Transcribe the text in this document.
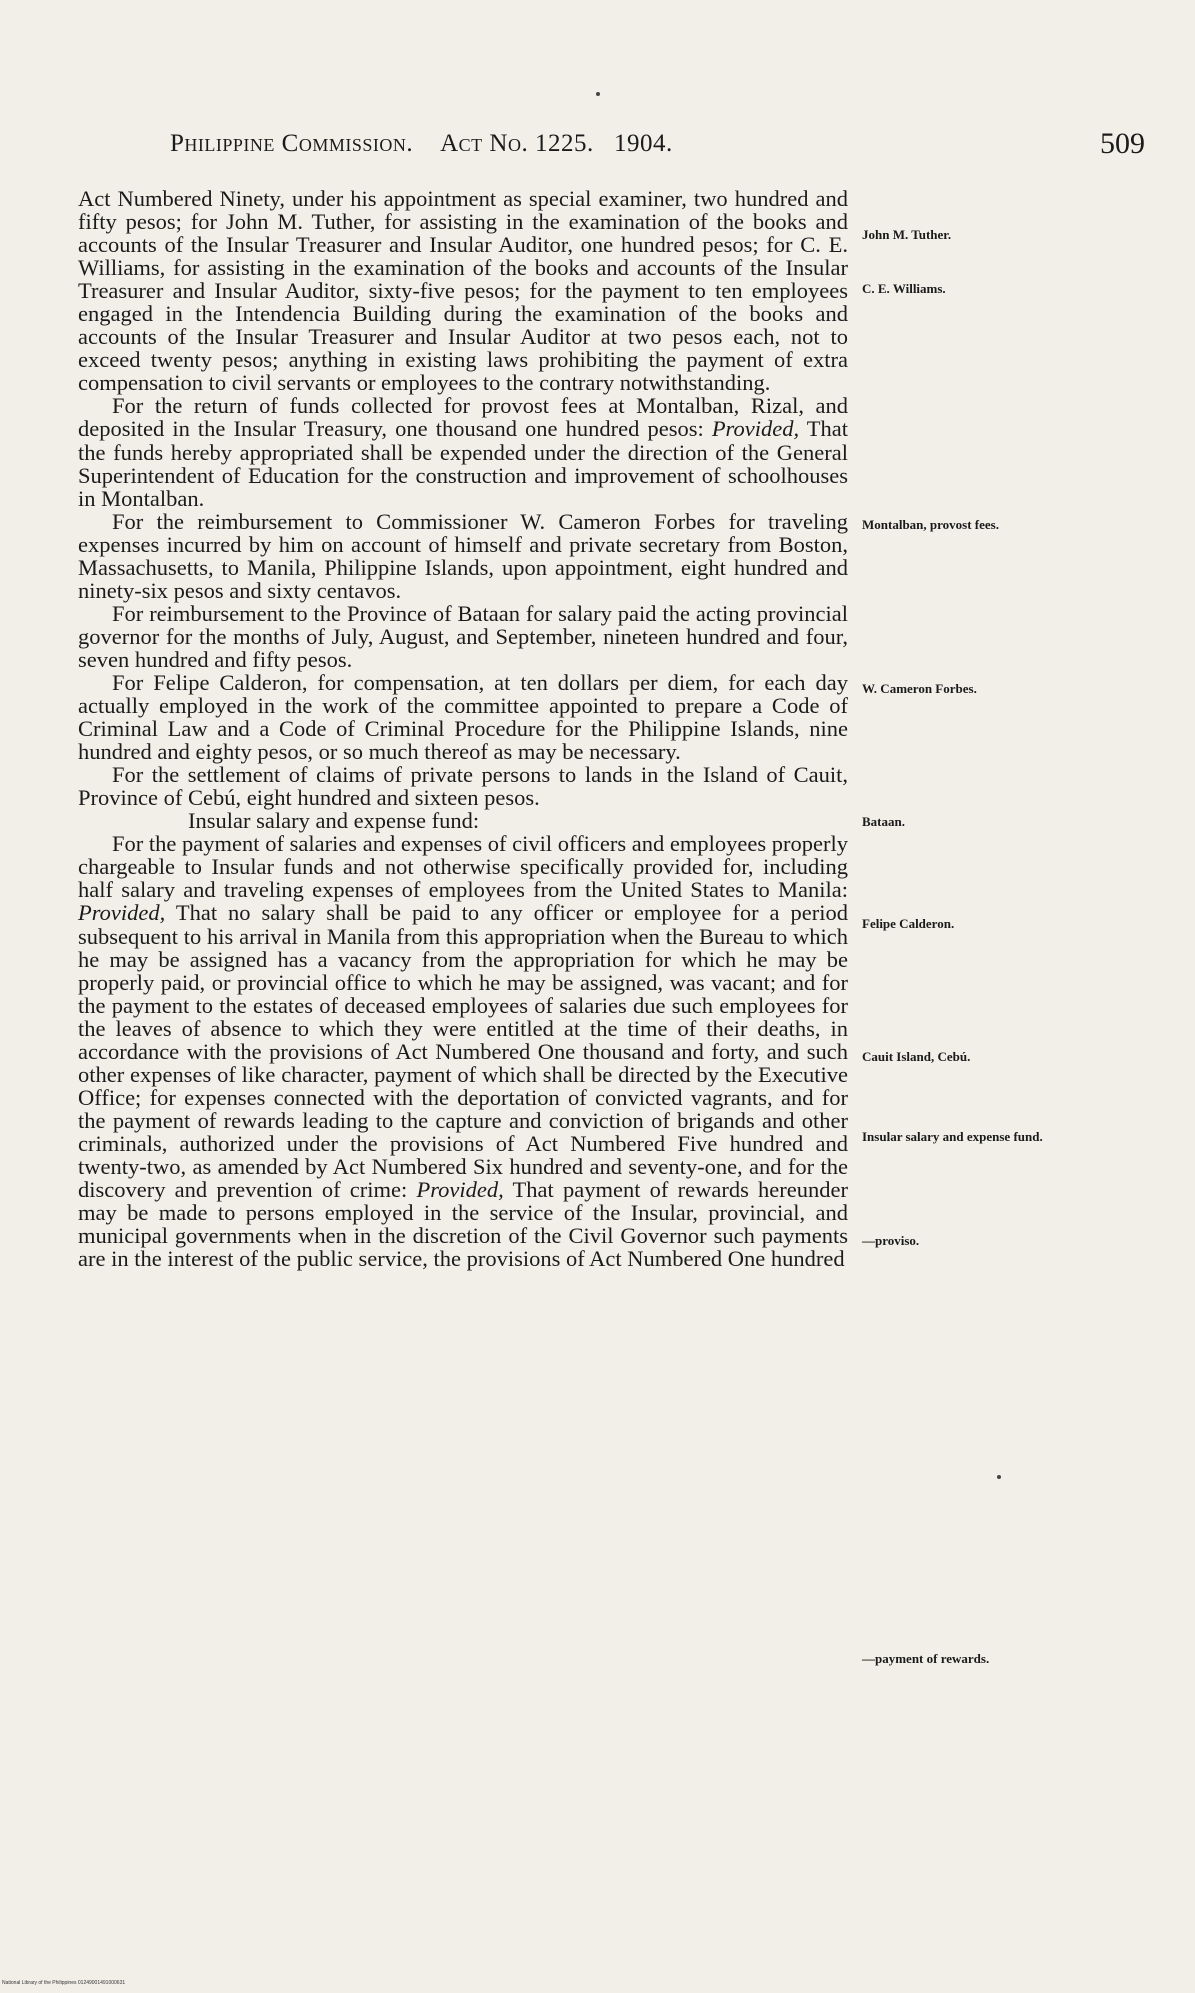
Philippine Commission. Act No. 1225. 1904.	509

Act Numbered Ninety, under his appointment as special examiner, two hundred and fifty pesos; for John M. Tuther, for assisting in the examination of the books and accounts of the Insular Treasurer and Insular Auditor, one hundred pesos; for C. E. Williams, for assisting in the examination of the books and accounts of the Insular Treasurer and Insular Auditor, sixty-five pesos; for the payment to ten employees engaged in the Intendencia Building during the examination of the books and accounts of the Insular Treasurer and Insular Auditor at two pesos each, not to exceed twenty pesos; anything in existing laws prohibiting the payment of extra compensation to civil servants or employees to the contrary notwithstanding.

For the return of funds collected for provost fees at Montalban, Rizal, and deposited in the Insular Treasury, one thousand one hundred pesos: Provided, That the funds hereby appropriated shall be expended under the direction of the General Superintendent of Education for the construction and improvement of schoolhouses in Montalban.

For the reimbursement to Commissioner W. Cameron Forbes for traveling expenses incurred by him on account of himself and private secretary from Boston, Massachusetts, to Manila, Philippine Islands, upon appointment, eight hundred and ninety-six pesos and sixty centavos.

For reimbursement to the Province of Bataan for salary paid the acting provincial governor for the months of July, August, and September, nineteen hundred and four, seven hundred and fifty pesos.

For Felipe Calderon, for compensation, at ten dollars per diem, for each day actually employed in the work of the committee appointed to prepare a Code of Criminal Law and a Code of Criminal Procedure for the Philippine Islands, nine hundred and eighty pesos, or so much thereof as may be necessary.

For the settlement of claims of private persons to lands in the Island of Cauit, Province of Cebú, eight hundred and sixteen pesos.

Insular salary and expense fund:

For the payment of salaries and expenses of civil officers and employees properly chargeable to Insular funds and not otherwise specifically provided for, including half salary and traveling expenses of employees from the United States to Manila: Provided, That no salary shall be paid to any officer or employee for a period subsequent to his arrival in Manila from this appropriation when the Bureau to which he may be assigned has a vacancy from the appropriation for which he may be properly paid, or provincial office to which he may be assigned, was vacant; and for the payment to the estates of deceased employees of salaries due such employees for the leaves of absence to which they were entitled at the time of their deaths, in accordance with the provisions of Act Numbered One thousand and forty, and such other expenses of like character, payment of which shall be directed by the Executive Office; for expenses connected with the deportation of convicted vagrants, and for the payment of rewards leading to the capture and conviction of brigands and other criminals, authorized under the provisions of Act Numbered Five hundred and twenty-two, as amended by Act Numbered Six hundred and seventy-one, and for the discovery and prevention of crime: Provided, That payment of rewards hereunder may be made to persons employed in the service of the Insular, provincial, and municipal governments when in the discretion of the Civil Governor such payments are in the interest of the public service, the provisions of Act Numbered One hundred

John M. Tuther.
C. E. Williams.
Montalban, provost fees.
W. Cameron Forbes.
Bataan.
Felipe Calderon.
Cauit Island, Cebú.
Insular salary and expense fund.
—proviso.
—payment of rewards.
National Library of the Philippines 01249001491000631
